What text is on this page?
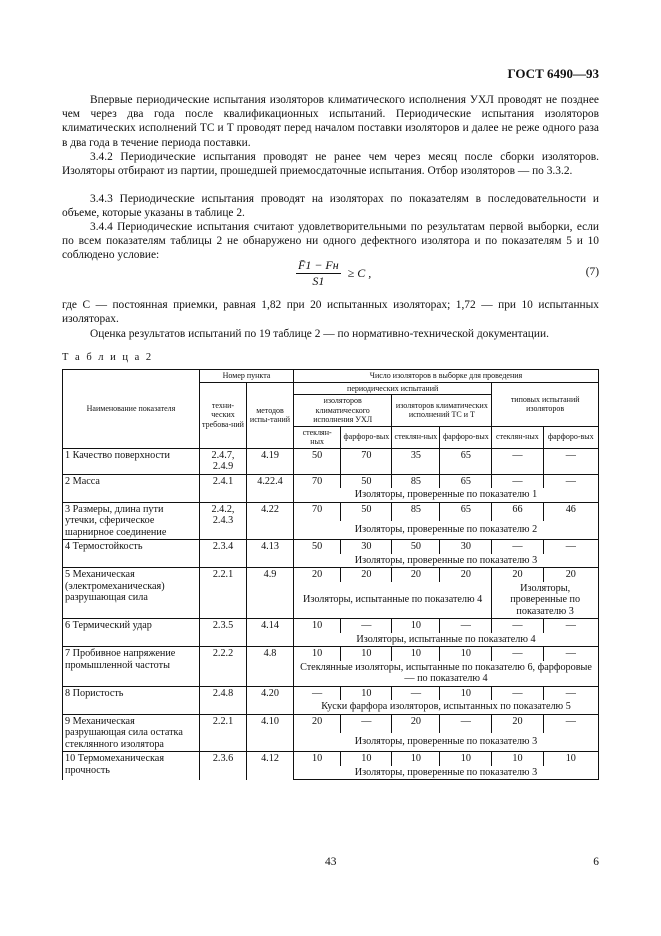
ГОСТ 6490—93

Впервые периодические испытания изоляторов климатического исполнения УХЛ проводят не позднее чем через два года после квалификационных испытаний. Периодические испытания изоляторов климатических исполнений ТС и Т проводят перед началом поставки изоляторов и далее не реже одного раза в два года в течение периода поставки.

3.4.2 Периодические испытания проводят не ранее чем через месяц после сборки изоляторов. Изоляторы отбирают из партии, прошедшей приемосдаточные испытания. Отбор изоляторов — по 3.3.2.

3.4.3 Периодические испытания проводят на изоляторах по показателям в последовательности и объеме, которые указаны в таблице 2.

3.4.4 Периодические испытания считают удовлетворительными по результатам первой выборки, если по всем показателям таблицы 2 не обнаружено ни одного дефектного изолятора и по показателям 5 и 10 соблюдено условие:

$\frac{F̄1 - Fн}{S1} \ge C$ ,	(7)

где C — постоянная приемки, равная 1,82 при 20 испытанных изоляторах; 1,72 — при 10 испытанных изоляторах.

Оценка результатов испытаний по 19 таблице 2 — по нормативно-технической документации.

Т а б л и ц а 2
Наименование показателя	Номер пункта		Число изоляторов в выборке для проведения					
	техни-ческих требова-ний	методов испы-таний	периодических испытаний				типовых испытаний изоляторов	
			изоляторов климатического исполнения УХЛ		изоляторов климатических исполнений ТС и Т			
			стеклян-ных	фарфоро-вых	стеклян-ных	фарфоро-вых	стеклян-ных	фарфоро-вых
1 Качество поверхности	2.4.7, 2.4.9	4.19	50	70	35	65	—	—
2 Масса	2.4.1	4.22.4	70	50	85	65	—	—
			Изоляторы, проверенные по показателю 1					
3 Размеры, длина пути утечки, сферическое шарнирное соединение	2.4.2, 2.4.3	4.22	70	50	85	65	66	46
			Изоляторы, проверенные по показателю 2					
4 Термостойкость	2.3.4	4.13	50	30	50	30	—	—
			Изоляторы, проверенные по показателю 3					
5 Механическая (электромеханическая) разрушающая сила	2.2.1	4.9	20	20	20	20	20	20
			Изоляторы, испытанные по показателю 4				Изоляторы, проверенные по показателю 3	
6 Термический удар	2.3.5	4.14	10	—	10	—	—	—
			Изоляторы, испытанные по показателю 4					
7 Пробивное напряжение промышленной частоты	2.2.2	4.8	10	10	10	10	—	—
			Стеклянные изоляторы, испытанные по показателю 6, фарфоровые — по показателю 4					
8 Пористость	2.4.8	4.20	—	10	—	10	—	—
			Куски фарфора изоляторов, испытанных по показателю 5					
9 Механическая разрушающая сила остатка стеклянного изолятора	2.2.1	4.10	20	—	20	—	20	—
			Изоляторы, проверенные по показателю 3					
10 Термомеханическая прочность	2.3.6	4.12	10	10	10	10	10	10
			Изоляторы, проверенные по показателю 3					
43	6
